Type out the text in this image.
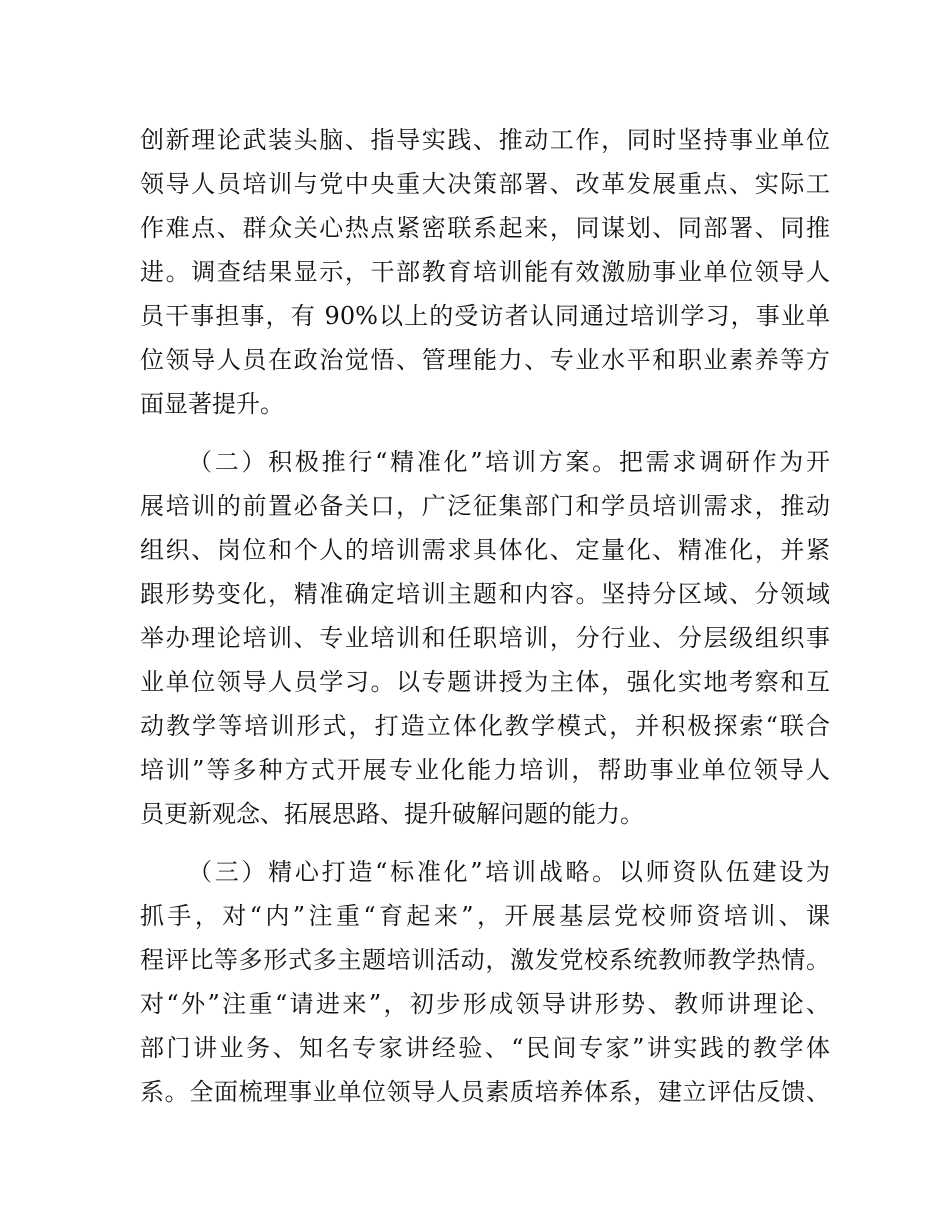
创新理论武装头脑、指导实践、推动工作，同时坚持事业单位
领导人员培训与党中央重大决策部署、改革发展重点、实际工
作难点、群众关心热点紧密联系起来，同谋划、同部署、同推
进。调查结果显示，干部教育培训能有效激励事业单位领导人
员干事担事，有 90%以上的受访者认同通过培训学习，事业单
位领导人员在政治觉悟、管理能力、专业水平和职业素养等方
面显著提升。
（二）积极推行“精准化”培训方案。把需求调研作为开
展培训的前置必备关口，广泛征集部门和学员培训需求，推动
组织、岗位和个人的培训需求具体化、定量化、精准化，并紧
跟形势变化，精准确定培训主题和内容。坚持分区域、分领域
举办理论培训、专业培训和任职培训，分行业、分层级组织事
业单位领导人员学习。以专题讲授为主体，强化实地考察和互
动教学等培训形式，打造立体化教学模式，并积极探索“联合
培训”等多种方式开展专业化能力培训，帮助事业单位领导人
员更新观念、拓展思路、提升破解问题的能力。
（三）精心打造“标准化”培训战略。以师资队伍建设为
抓手，对“内”注重“育起来”，开展基层党校师资培训、课
程评比等多形式多主题培训活动，激发党校系统教师教学热情。
对“外”注重“请进来”，初步形成领导讲形势、教师讲理论、
部门讲业务、知名专家讲经验、“民间专家”讲实践的教学体
系。全面梳理事业单位领导人员素质培养体系，建立评估反馈、
